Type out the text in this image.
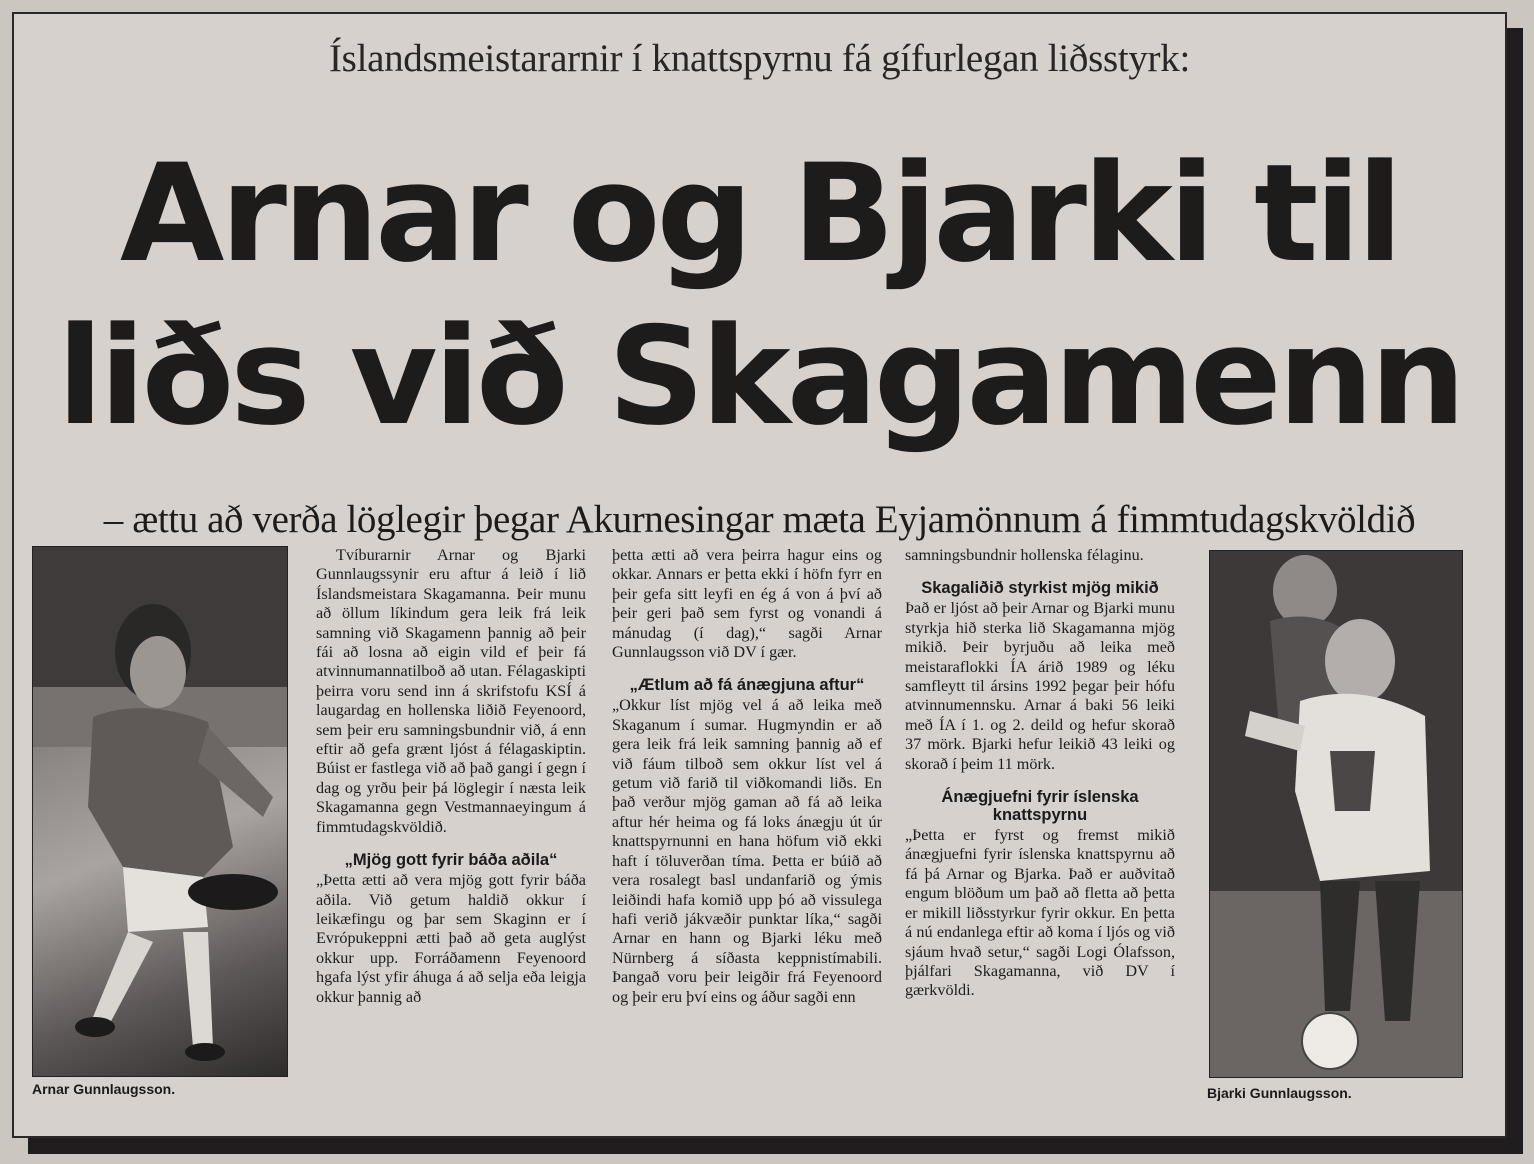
Íslandsmeistararnir í knattspyrnu fá gífurlegan liðsstyrk:
Arnar og Bjarki til
liðs við Skagamenn
– ættu að verða löglegir þegar Akurnesingar mæta Eyjamönnum á fimmtudagskvöldið
Arnar Gunnlaugsson.	Bjarki Gunnlaugsson.

Tvíburarnir Arnar og Bjarki Gunnlaugssynir eru aftur á leið í lið Íslandsmeistara Skagamanna. Þeir munu að öllum líkindum gera leik frá leik samning við Skagamenn þannig að þeir fái að losna að eigin vild ef þeir fá atvinnumannatilboð að utan. Félagaskipti þeirra voru send inn á skrifstofu KSÍ á laugardag en hollenska liðið Feyenoord, sem þeir eru samningsbundnir við, á enn eftir að gefa grænt ljóst á félagaskiptin. Búist er fastlega við að það gangi í gegn í dag og yrðu þeir þá löglegir í næsta leik Skagamanna gegn Vestmannaeyingum á fimmtudagskvöldið.

„Mjög gott fyrir báða aðila“

„Þetta ætti að vera mjög gott fyrir báða aðila. Við getum haldið okkur í leikæfingu og þar sem Skaginn er í Evrópukeppni ætti það að geta auglýst okkur upp. Forráðamenn Feyenoord hgafa lýst yfir áhuga á að selja eða leigja okkur þannig að

þetta ætti að vera þeirra hagur eins og okkar. Annars er þetta ekki í höfn fyrr en þeir gefa sitt leyfi en ég á von á því að þeir geri það sem fyrst og vonandi á mánudag (í dag),“ sagði Arnar Gunnlaugsson við DV í gær.

„Ætlum að fá ánægjuna aftur“

„Okkur líst mjög vel á að leika með Skaganum í sumar. Hugmyndin er að gera leik frá leik samning þannig að ef við fáum tilboð sem okkur líst vel á getum við farið til viðkomandi liðs. En það verður mjög gaman að fá að leika aftur hér heima og fá loks ánægju út úr knattspyrnunni en hana höfum við ekki haft í töluverðan tíma. Þetta er búið að vera rosalegt basl undanfarið og ýmis leiðindi hafa komið upp þó að vissulega hafi verið jákvæðir punktar líka,“ sagði Arnar en hann og Bjarki léku með Nürnberg á síðasta keppnistímabili. Þangað voru þeir leigðir frá Feyenoord og þeir eru því eins og áður sagði enn

samningsbundnir hollenska félaginu.

Skagaliðið styrkist mjög mikið

Það er ljóst að þeir Arnar og Bjarki munu styrkja hið sterka lið Skagamanna mjög mikið. Þeir byrjuðu að leika með meistaraflokki ÍA árið 1989 og léku samfleytt til ársins 1992 þegar þeir hófu atvinnumennsku. Arnar á baki 56 leiki með ÍA í 1. og 2. deild og hefur skorað 37 mörk. Bjarki hefur leikið 43 leiki og skorað í þeim 11 mörk.

Ánægjuefni fyrir íslenska knattspyrnu

„Þetta er fyrst og fremst mikið ánægjuefni fyrir íslenska knattspyrnu að fá þá Arnar og Bjarka. Það er auðvitað engum blöðum um það að fletta að þetta er mikill liðsstyrkur fyrir okkur. En þetta á nú endanlega eftir að koma í ljós og við sjáum hvað setur,“ sagði Logi Ólafsson, þjálfari Skagamanna, við DV í gærkvöldi.
